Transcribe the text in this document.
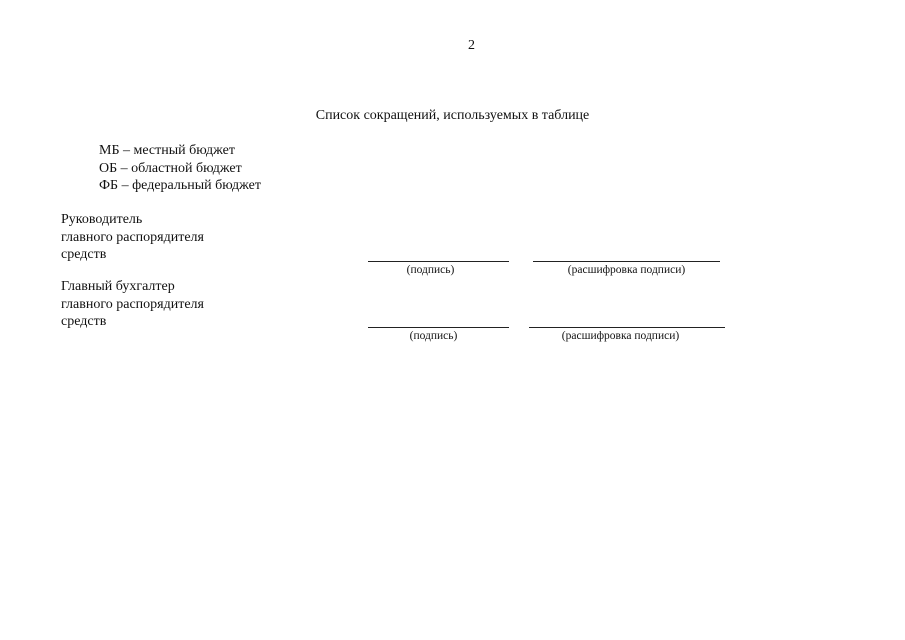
2
Список сокращений, используемых в таблице
МБ – местный бюджет
ОБ – областной бюджет
ФБ – федеральный бюджет
Руководитель
главного распорядителя
средств
(подпись)	(расшифровка подписи)
Главный бухгалтер
главного распорядителя
средств
(подпись)	(расшифровка подписи)
